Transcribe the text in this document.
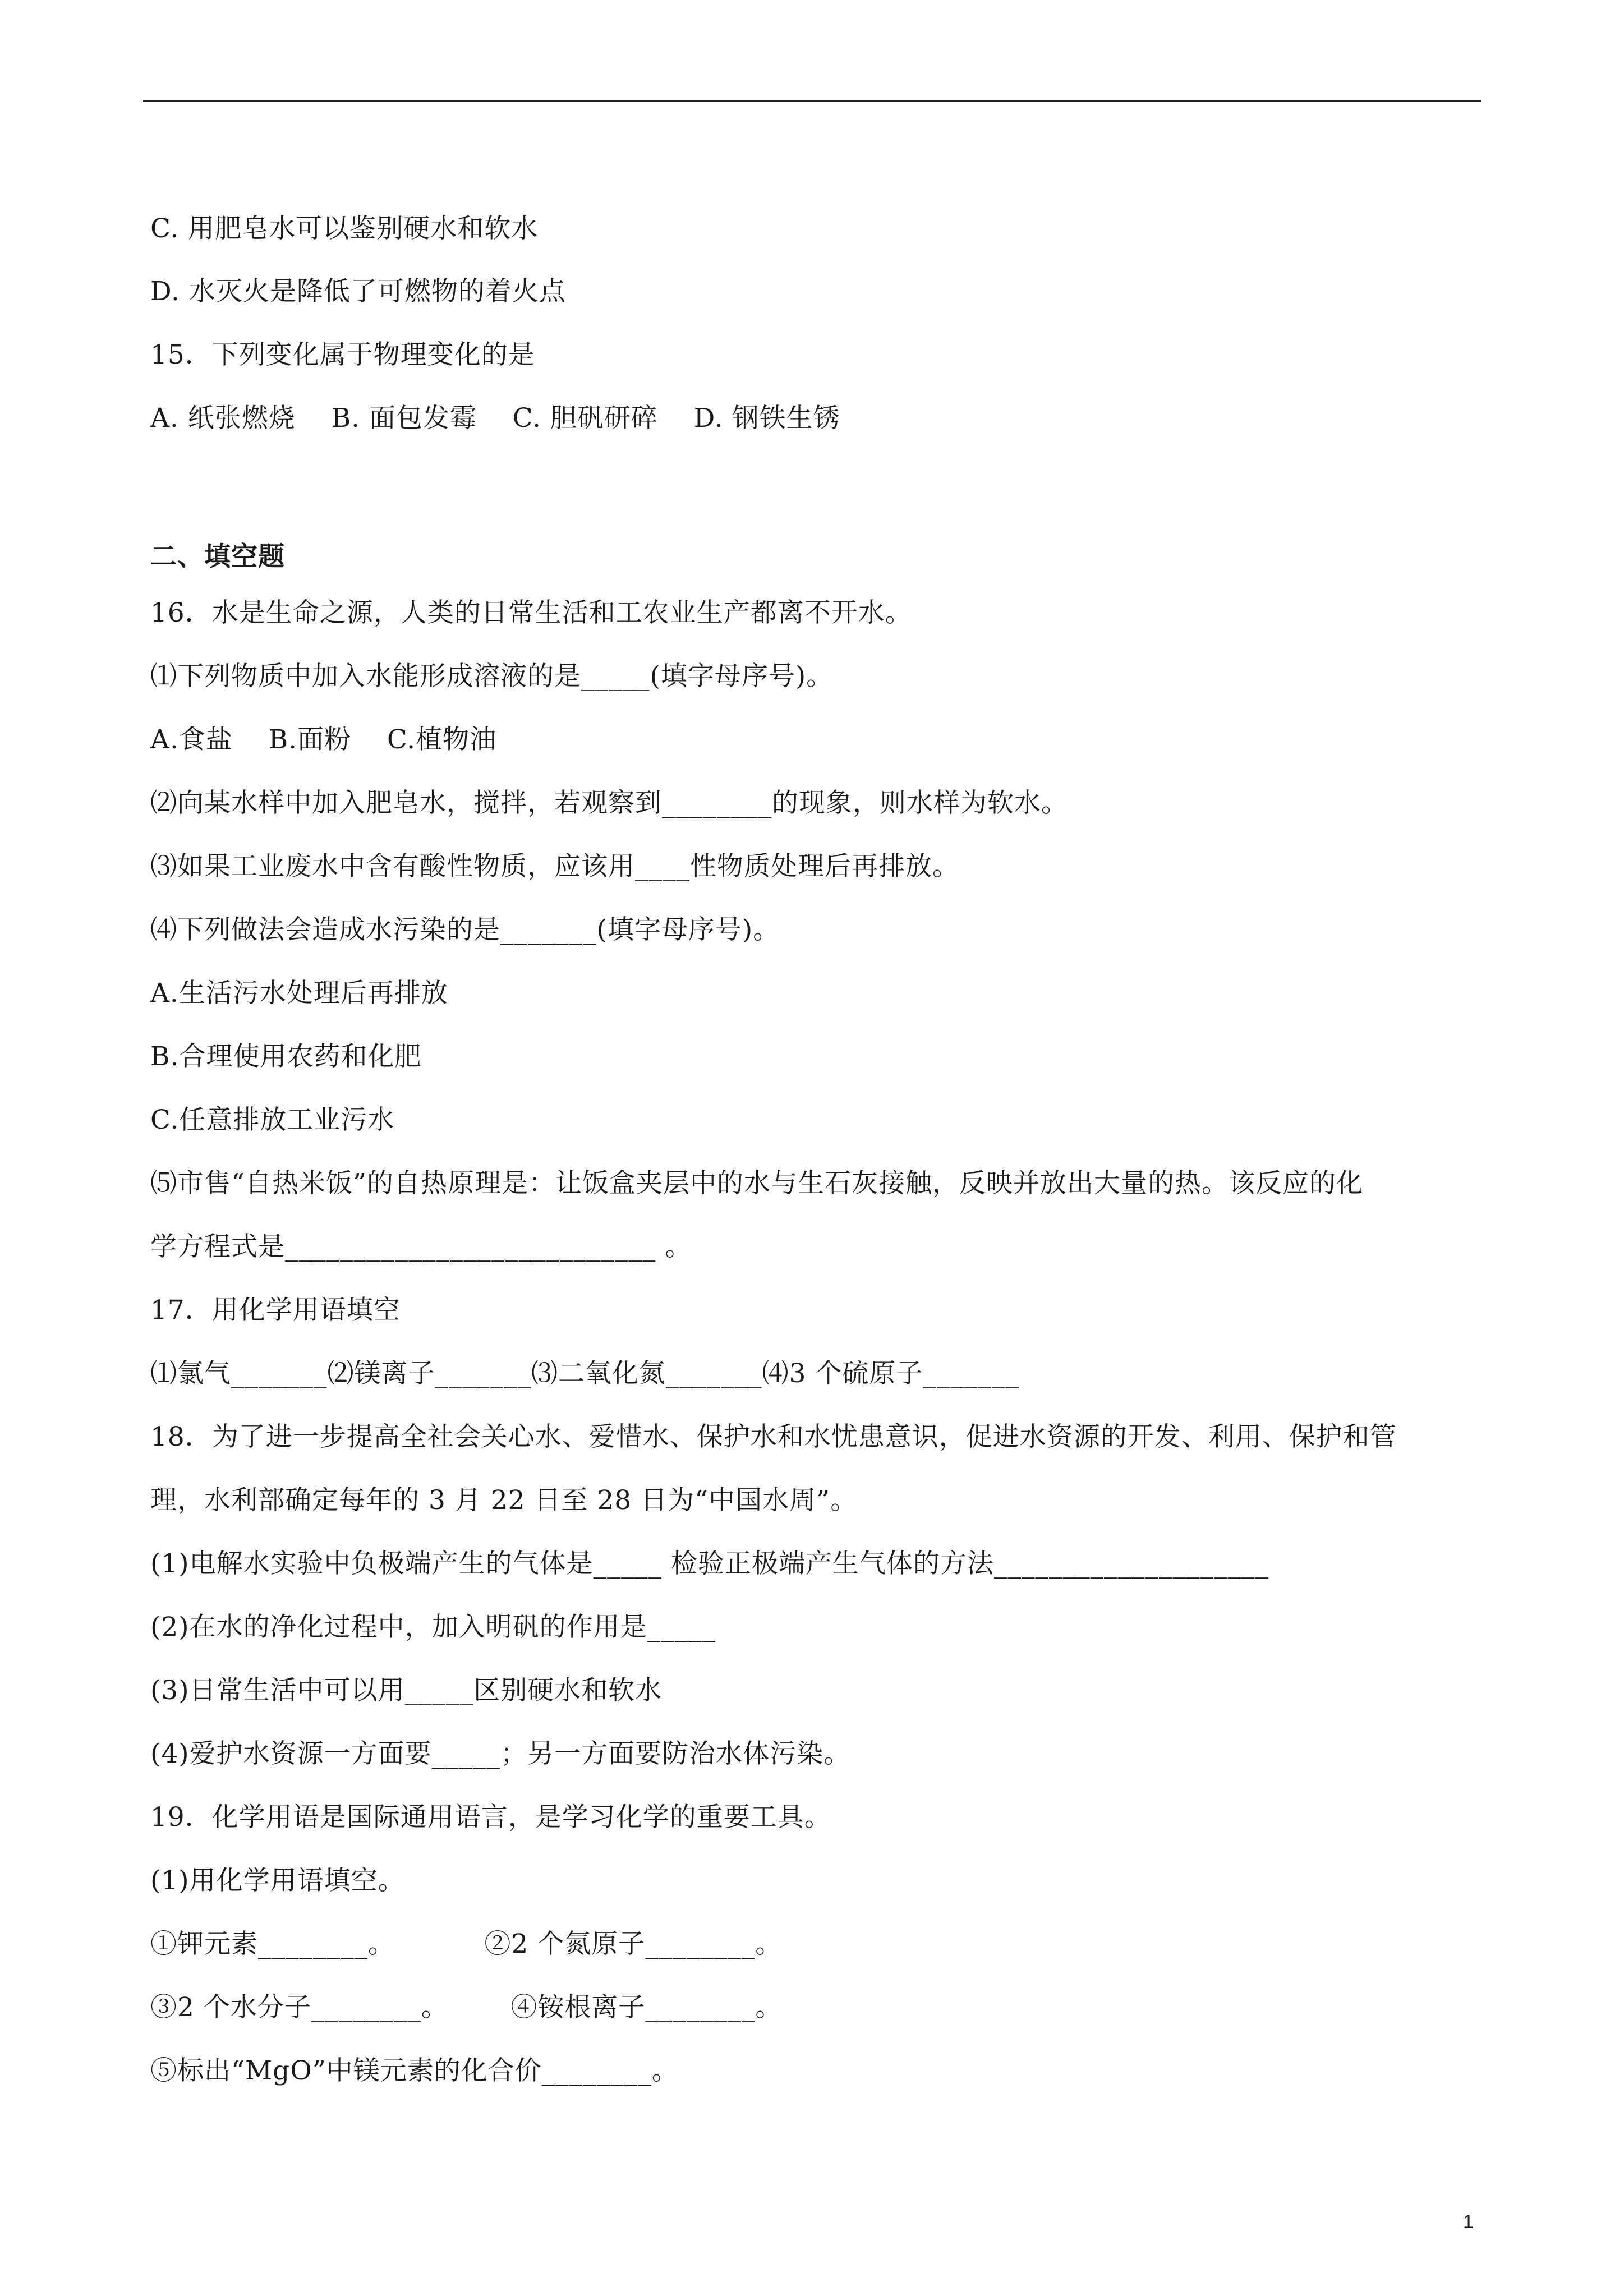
C. 用肥皂水可以鉴别硬水和软水
D. 水灭火是降低了可燃物的着火点
15．下列变化属于物理变化的是
A. 纸张燃烧    B. 面包发霉    C. 胆矾研碎    D. 钢铁生锈
二、填空题
16．水是生命之源，人类的日常生活和工农业生产都离不开水。
⑴下列物质中加入水能形成溶液的是_____(填字母序号)。
A.食盐    B.面粉    C.植物油
⑵向某水样中加入肥皂水，搅拌，若观察到________的现象，则水样为软水。
⑶如果工业废水中含有酸性物质，应该用____性物质处理后再排放。
⑷下列做法会造成水污染的是_______(填字母序号)。
A.生活污水处理后再排放
B.合理使用农药和化肥
C.任意排放工业污水
⑸市售“自热米饭”的自热原理是：让饭盒夹层中的水与生石灰接触，反映并放出大量的热。该反应的化
学方程式是___________________________ 。
17．用化学用语填空
⑴氯气_______⑵镁离子_______⑶二氧化氮_______⑷3 个硫原子_______
18．为了进一步提高全社会关心水、爱惜水、保护水和水忧患意识，促进水资源的开发、利用、保护和管
理，水利部确定每年的 3 月 22 日至 28 日为“中国水周”。
(1)电解水实验中负极端产生的气体是_____ 检验正极端产生气体的方法____________________
(2)在水的净化过程中，加入明矾的作用是_____
(3)日常生活中可以用_____区别硬水和软水
(4)爱护水资源一方面要_____；另一方面要防治水体污染。
19．化学用语是国际通用语言，是学习化学的重要工具。
(1)用化学用语填空。
①钾元素________。          ②2 个氮原子________。
③2 个水分子________。       ④铵根离子________。
⑤标出“MgO”中镁元素的化合价________。
1
